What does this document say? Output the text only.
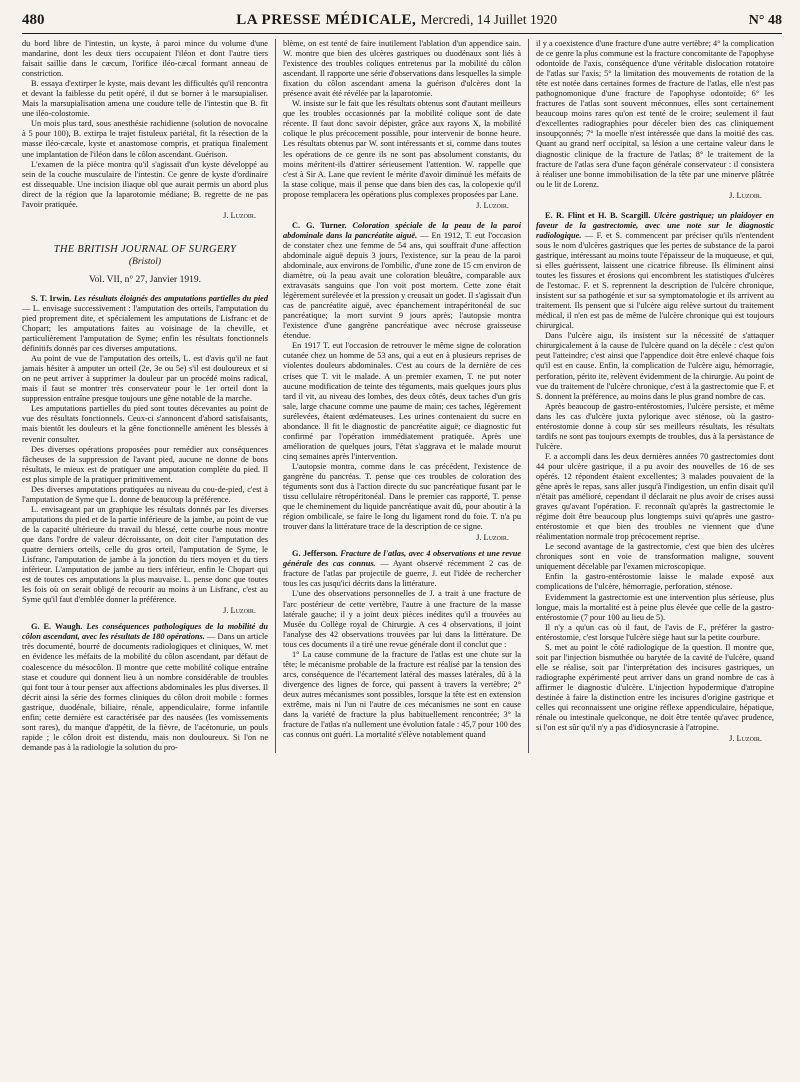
480	LA PRESSE MÉDICALE, Mercredi, 14 Juillet 1920	N° 48

du bord libre de l'intestin, un kyste, à paroi mince du volume d'une mandarine, dont les deux tiers occupaient l'iléon et dont l'autre tiers faisait saillie dans le cæcum, l'orifice iléo-cæcal formant anneau de constriction.

B. essaya d'extirper le kyste, mais devant les difficultés qu'il rencontra et devant la faiblesse du petit opéré, il dut se borner à le marsupialiser. Mais la marsupialisation amena une coudure telle de l'intestin que B. fit une iléo-colostomie.

Un mois plus tard, sous anesthésie rachidienne (solution de novocaïne à 5 pour 100), B. extirpa le trajet fistuleux pariétal, fit la résection de la masse iléo-cæcale, kyste et anastomose compris, et pratiqua finalement une implantation de l'iléon dans le côlon ascendant. Guérison.

L'examen de la pièce montra qu'il s'agissait d'un kyste développé au sein de la couche musculaire de l'intestin. Ce genre de kyste d'ordinaire est dissequable. Une incision iliaque obl que aurait permis un abord plus direct de la région que la laparotomie médiane; B. regrette de ne pas l'avoir pratiquée.

J. Luzoir.
THE BRITISH JOURNAL OF SURGERY
(Bristol)
Vol. VII, n° 27, Janvier 1919.

S. T. Irwin. Les résultats éloignés des amputations partielles du pied — L. envisage successivement : l'amputation des orteils, l'amputation du pied proprement dite, et spécialement les amputations de Lisfranc et de Chopart; les amputations faites au voisinage de la cheville, et particulièrement l'amputation de Syme; enfin les résultats fonctionnels définitifs donnés par ces diverses amputations.

Au point de vue de l'amputation des orteils, L. est d'avis qu'il ne faut jamais hésiter à amputer un orteil (2e, 3e ou 5e) s'il est douloureux et si on ne peut arriver à supprimer la douleur par un procédé moins radical, mais il faut se montrer très conservateur pour le 1er orteil dont la suppression entraîne presque toujours une gêne notable de la marche.

Les amputations partielles du pied sont toutes décevantes au point de vue des résultats fonctionnels. Ceux-ci s'annoncent d'abord satisfaisants, mais bientôt les douleurs et la gêne fonctionnelle amènent les blessés à revenir consulter.

Des diverses opérations proposées pour remédier aux conséquences fâcheuses de la suppression de l'avant pied, aucune ne donne de bons résultats, le mieux est de pratiquer une amputation complète du pied. Il est plus simple de la pratiquer primitivement.

Des diverses amputations pratiquées au niveau du cou-de-pied, c'est à l'amputation de Syme que L. donne de beaucoup la préférence.

L. envisageant par un graphique les résultats donnés par les diverses amputations du pied et de la partie inférieure de la jambe, au point de vue de la capacité ultérieure du travail du blessé, cette courbe nous montre que dans l'ordre de valeur décroissante, on doit citer l'amputation des quatre derniers orteils, celle du gros orteil, l'amputation de Syme, le Lisfranc, l'amputation de jambe à la jonction du tiers moyen et du tiers inférieur. L'amputation de jambe au tiers inférieur, enfin le Chopart qui est de toutes ces amputations la plus mauvaise. L. pense donc que toutes les fois où on serait obligé de recourir au moins à un Lisfranc, c'est au Syme qu'il faut d'emblée donner la préférence.

J. Luzoir.

G. E. Waugh. Les conséquences pathologiques de la mobilité du côlon ascendant, avec les résultats de 180 opérations. — Dans un article très documenté, bourré de documents radiologiques et cliniques, W. met en évidence les méfaits de la mobilité du côlon ascendant, par défaut de coalescence du mésocôlon. Il montre que cette mobilité colique entraîne stase et coudure qui donnent lieu à un nombre considérable de troubles qui font tour à tour penser aux affections abdominales les plus diverses. Il décrit ainsi la série des formes cliniques du côlon droit mobile : formes gastrique, duodénale, biliaire, rénale, appendiculaire, forme infantile enfin; cette dernière est caractérisée par des nausées (les vomissements sont rares), du manque d'appétit, de la fièvre, de l'acétonurie, un pouls rapide ; le côlon droit est distendu, mais non douloureux. Si l'on ne demande pas à la radiologie la solution du pro-

blème, on est tenté de faire inutilement l'ablation d'un appendice sain. W. montre que bien des ulcères gastriques ou duodénaux sont liés à l'existence des troubles coliques entretenus par la mobilité du côlon ascendant. Il rapporte une série d'observations dans lesquelles la simple fixation du côlon ascendant amena la guérison d'ulcères dont la présence avait été révélée par la laparotomie.

W. insiste sur le fait que les résultats obtenus sont d'autant meilleurs que les troubles occasionnés par la mobilité colique sont de date récente. Il faut donc savoir dépister, grâce aux rayons X, la mobilité colique le plus précocement possible, pour intervenir de bonne heure. Les résultats obtenus par W. sont intéressants et si, comme dans toutes les opérations de ce genre ils ne sont pas absolument constants, du moins méritent-ils d'attirer sérieusement l'attention. W. rappelle que c'est à Sir A. Lane que revient le mérite d'avoir diminué les méfaits de la stase colique, mais il pense que dans bien des cas, la colopexie qu'il propose remplacera les opérations plus complexes proposées par Lane.

J. Luzoir.

C. G. Turner. Coloration spéciale de la peau de la paroi abdominale dans la pancréatite aiguë. — En 1912, T. eut l'occasion de constater chez une femme de 54 ans, qui souffrait d'une affection abdominale aiguë depuis 3 jours, l'existence, sur la peau de la paroi abdominale, aux environs de l'ombilic, d'une zone de 15 cm environ de diamètre, où la peau avait une coloration bleuâtre, comparable aux extravasats sanguins que l'on voit post mortem. Cette zone était légèrement surélevée et la pression y creusait un godet. Il s'agissait d'un cas de pancréatite aiguë, avec épanchement intrapéritonéal de suc pancréatique; la mort survint 9 jours après; l'autopsie montra l'existence d'une gangrène pancréatique avec nécrose graisseuse étendue.

En 1917 T. eut l'occasion de retrouver le même signe de coloration cutanée chez un homme de 53 ans, qui a eut en à plusieurs reprises de violentes douleurs abdominales. C'est au cours de la dernière de ces crises que T. vit le malade. A un premier examen, T. ne put noter aucune modification de teinte des téguments, mais quelques jours plus tard il vit, au niveau des lombes, des deux côtés, deux taches d'un gris sale, large chacune comme une paume de main; ces taches, légèrement surélevées, étaient œdémateuses. Les urines contenaient du sucre en abondance. Il fit le diagnostic de pancréatite aiguë; ce diagnostic fut confirmé par l'opération immédiatement pratiquée. Après une amélioration de quelques jours, l'état s'aggrava et le malade mourut cinq semaines après l'intervention.

L'autopsie montra, comme dans le cas précédent, l'existence de gangrène du pancréas. T. pense que ces troubles de coloration des téguments sont dus à l'action directe du suc pancréatique fusant par le tissu cellulaire rétropéritonéal. Dans le premier cas rapporté, T. pense que le cheminement du liquide pancréatique avait dû, pour aboutir à la région ombilicale, se faire le long du ligament rond du foie. T. n'a pu trouver dans la littérature trace de la description de ce signe.

J. Luzoir.

G. Jefferson. Fracture de l'atlas, avec 4 observations et une revue générale des cas connus. — Ayant observé récemment 2 cas de fracture de l'atlas par projectile de guerre, J. eut l'idée de rechercher tous les cas jusqu'ici décrits dans la littérature.

L'une des observations personnelles de J. a trait à une fracture de l'arc postérieur de cette vertèbre, l'autre à une fracture de la masse latérale gauche; il y a joint deux pièces inédites qu'il a trouvées au Musée du Collège royal de Chirurgie. A ces 4 observations, il joint l'analyse des 42 observations trouvées par lui dans la littérature. De tous ces documents il a tiré une revue générale dont il conclut que :

1° La cause commune de la fracture de l'atlas est une chute sur la tête; le mécanisme probable de la fracture est réalisé par la tension des arcs, conséquence de l'écartement latéral des masses latérales, dû à la divergence des lignes de force, qui passent à travers la vertèbre; 2° deux autres mécanismes sont possibles, lorsque la tête est en extension extrême, mais ni l'un ni l'autre de ces mécanismes ne sont en cause dans la variété de fracture la plus habituellement rencontrée; 3° la fracture de l'atlas n'a nullement une évolution fatale : 45,7 pour 100 des cas connus ont guéri. La mortalité s'élève notablement quand

il y a coexistence d'une fracture d'une autre vertèbre; 4° la complication de ce genre la plus commune est la fracture concomitante de l'apophyse odontoïde de l'axis, conséquence d'une véritable dislocation rotatoire de l'atlas sur l'axis; 5° la limitation des mouvements de rotation de la tête est notée dans certaines formes de fracture de l'atlas, elle n'est pas pathognomonique d'une fracture de l'apophyse odontoïde; 6° les fractures de l'atlas sont souvent méconnues, elles sont certainement beaucoup moins rares qu'on est tenté de le croire; seulement il faut d'excellentes radiographies pour déceler bien des cas cliniquement insoupçonnés; 7° la moelle n'est intéressée que dans la moitié des cas. Quant au grand nerf occipital, sa lésion a une certaine valeur dans le diagnostic clinique de la fracture de l'atlas; 8° le traitement de la fracture de l'atlas sera d'une façon générale conservateur : il consistera à réaliser une bonne immobilisation de la tête par une minerve plâtrée ou le lit de Lorenz.

J. Luzoir.

E. R. Flint et H. B. Scargill. Ulcère gastrique; un plaidoyer en faveur de la gastrectomie, avec une note sur le diagnostic radiologique. — F. et S. commencent par préciser qu'ils n'entendent sous le nom d'ulcères gastriques que les pertes de substance de la paroi gastrique, intéressant au moins toute l'épaisseur de la muqueuse, et qui, si elles guérissent, laissent une cicatrice fibreuse. Ils éliminent ainsi toutes les fissures et érosions qui encombrent les statistiques d'ulcères de l'estomac. F. et S. reprennent la description de l'ulcère chronique, insistent sur sa pathogénie et sur sa symptomatologie et ils arrivent au traitement. Ils pensent que si l'ulcère aigu relève surtout du traitement médical, il n'en est pas de même de l'ulcère chronique qui est toujours chirurgical.

Dans l'ulcère aigu, ils insistent sur la nécessité de s'attaquer chirurgicalement à la cause de l'ulcère quand on la décèle : c'est qu'on peut l'atteindre; c'est ainsi que l'appendice doit être enlevé chaque fois qu'il est en cause. Enfin, la complication de l'ulcère aigu, hémorragie, perforation, périto ite, relèvent évidemment de la chirurgie. Au point de vue du traitement de l'ulcère chronique, c'est à la gastrectomie que F. et S. donnent la préférence, au moins dans le plus grand nombre de cas.

Après beaucoup de gastro-entérostomies, l'ulcère persiste, et même dans les cas d'ulcère juxta pylorique avec sténose, où la gastro-entérostomie donne à coup sûr ses meilleurs résultats, les résultats tardifs ne sont pas toujours exempts de troubles, dus à la persistance de l'ulcère.

F. a accompli dans les deux dernières années 70 gastrectomies dont 44 pour ulcère gastrique, il a pu avoir des nouvelles de 16 de ses opérés. 12 répondent étaient excellentes; 3 malades pouvaient de la gêne après le repas, sans aller jusqu'à l'indigestion, un enfin disait qu'il n'était pas amélioré, cependant il déclarait ne plus avoir de crises aussi graves qu'avant l'opération. F. reconnaît qu'après la gastrectomie le régime doit être beaucoup plus longtemps suivi qu'après une gastro-entérostomie et que bien des troubles ne viennent que d'une réalimentation normale trop précocement reprise.

Le second avantage de la gastrectomie, c'est que bien des ulcères chroniques sont en voie de transformation maligne, souvent uniquement décelable par l'examen microscopique.

Enfin la gastro-entérostomie laisse le malade exposé aux complications de l'ulcère, hémorragie, perforation, sténose.

Evidemment la gastrectomie est une intervention plus sérieuse, plus longue, mais la mortalité est à peine plus élevée que celle de la gastro-entérostomie (7 pour 100 au lieu de 5).

Il n'y a qu'un cas où il faut, de l'avis de F., préférer la gastro-entérostomie, c'est lorsque l'ulcère siège haut sur la petite courbure.

S. met au point le côté radiologique de la question. Il montre que, soit par l'injection bismuthée ou barytée de la cavité de l'ulcère, quand elle se réalise, soit par l'interprétation des incisures gastriques, un radiographe expérimenté peut arriver dans un grand nombre de cas à affirmer le diagnostic d'ulcère. L'injection hypodermique d'atropine destinée à faire la distinction entre les incisures d'origine gastrique et celles qui reconnaissent une origine réflexe appendiculaire, hépatique, rénale ou intestinale quelconque, ne doit être tentée qu'avec prudence, si l'on est sûr qu'il n'y a pas d'idiosyncrasie à l'atropine.

J. Luzoir.
